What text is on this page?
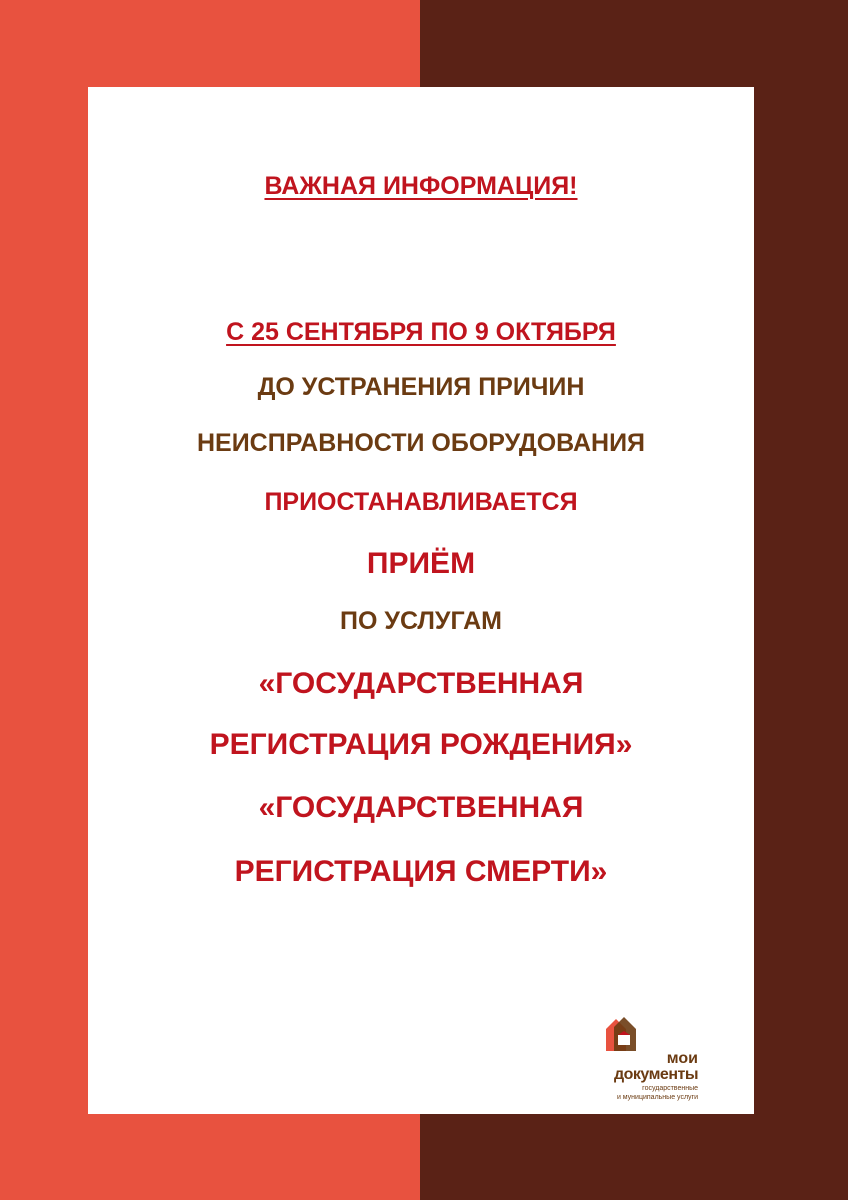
ВАЖНАЯ ИНФОРМАЦИЯ!
С 25 СЕНТЯБРЯ ПО 9 ОКТЯБРЯ
ДО УСТРАНЕНИЯ ПРИЧИН
НЕИСПРАВНОСТИ ОБОРУДОВАНИЯ
ПРИОСТАНАВЛИВАЕТСЯ
ПРИЁМ
ПО УСЛУГАМ
«ГОСУДАРСТВЕННАЯ
РЕГИСТРАЦИЯ РОЖДЕНИЯ»
«ГОСУДАРСТВЕННАЯ
РЕГИСТРАЦИЯ СМЕРТИ»
мои
документы
государственные
и муниципальные услуги
